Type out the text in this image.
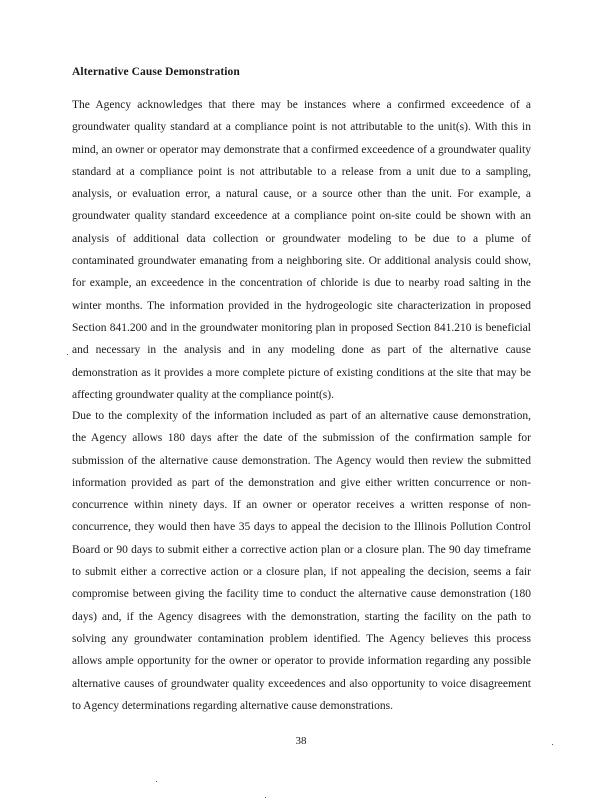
Alternative Cause Demonstration

The Agency acknowledges that there may be instances where a confirmed exceedence of a groundwater quality standard at a compliance point is not attributable to the unit(s). With this in mind, an owner or operator may demonstrate that a confirmed exceedence of a groundwater quality standard at a compliance point is not attributable to a release from a unit due to a sampling, analysis, or evaluation error, a natural cause, or a source other than the unit. For example, a groundwater quality standard exceedence at a compliance point on-site could be shown with an analysis of additional data collection or groundwater modeling to be due to a plume of contaminated groundwater emanating from a neighboring site. Or additional analysis could show, for example, an exceedence in the concentration of chloride is due to nearby road salting in the winter months. The information provided in the hydrogeologic site characterization in proposed Section 841.200 and in the groundwater monitoring plan in proposed Section 841.210 is beneficial and necessary in the analysis and in any modeling done as part of the alternative cause demonstration as it provides a more complete picture of existing conditions at the site that may be affecting groundwater quality at the compliance point(s).

Due to the complexity of the information included as part of an alternative cause demonstration, the Agency allows 180 days after the date of the submission of the confirmation sample for submission of the alternative cause demonstration. The Agency would then review the submitted information provided as part of the demonstration and give either written concurrence or non-concurrence within ninety days. If an owner or operator receives a written response of non-concurrence, they would then have 35 days to appeal the decision to the Illinois Pollution Control Board or 90 days to submit either a corrective action plan or a closure plan. The 90 day timeframe to submit either a corrective action or a closure plan, if not appealing the decision, seems a fair compromise between giving the facility time to conduct the alternative cause demonstration (180 days) and, if the Agency disagrees with the demonstration, starting the facility on the path to solving any groundwater contamination problem identified. The Agency believes this process allows ample opportunity for the owner or operator to provide information regarding any possible alternative causes of groundwater quality exceedences and also opportunity to voice disagreement to Agency determinations regarding alternative cause demonstrations.

38
